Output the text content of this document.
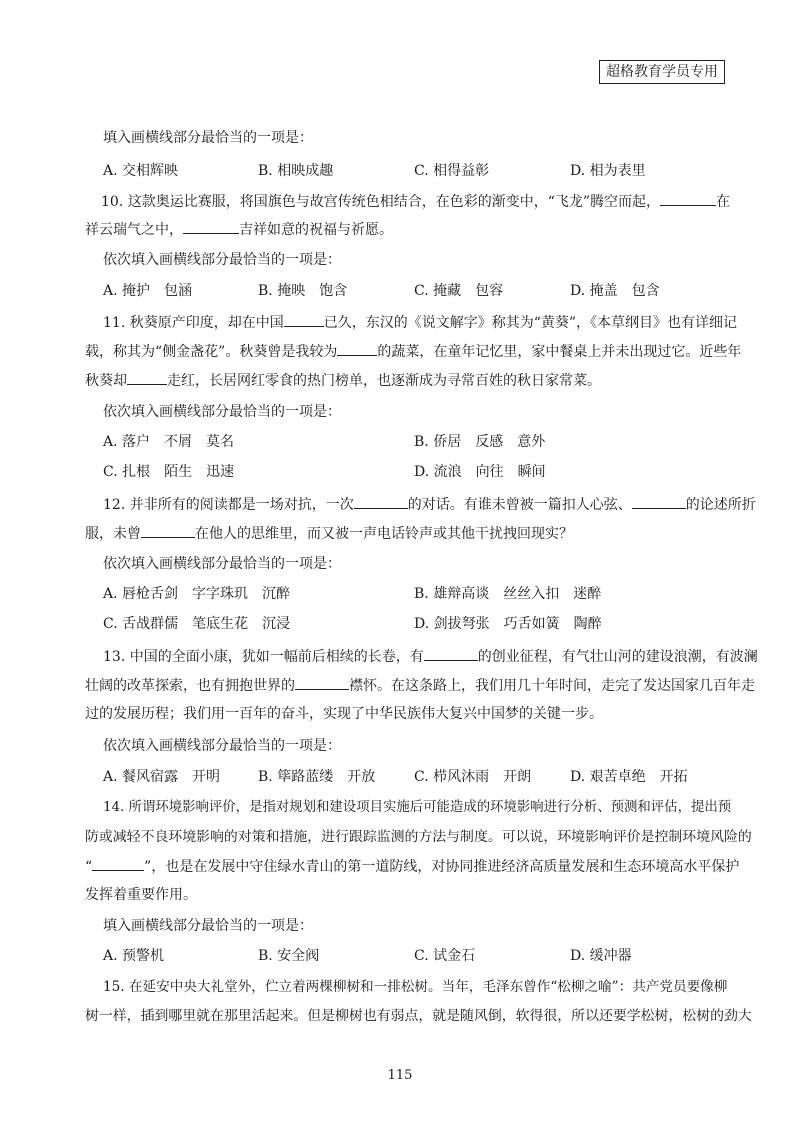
超格教育学员专用
填入画横线部分最恰当的一项是：
A. 交相辉映	B. 相映成趣	C. 相得益彰	D. 相为表里
10. 这款奥运比赛服，将国旗色与故宫传统色相结合，在色彩的渐变中，“飞龙”腾空而起，	在
祥云瑞气之中，	吉祥如意的祝福与祈愿。
依次填入画横线部分最恰当的一项是：
A. 掩护　包涵	B. 掩映　饱含	C. 掩藏　包容	D. 掩盖　包含
11. 秋葵原产印度，却在中国	已久，东汉的《说文解字》称其为“黄葵”，《本草纲目》也有详细记
载，称其为“侧金盏花”。秋葵曾是我较为	的蔬菜，在童年记忆里，家中餐桌上并未出现过它。近些年
秋葵却	走红，长居网红零食的热门榜单，也逐渐成为寻常百姓的秋日家常菜。
依次填入画横线部分最恰当的一项是：
A. 落户　不屑　莫名	B. 侨居　反感　意外
C. 扎根　陌生　迅速	D. 流浪　向往　瞬间
12. 并非所有的阅读都是一场对抗，一次	的对话。有谁未曾被一篇扣人心弦、	的论述所折
服，未曾	在他人的思维里，而又被一声电话铃声或其他干扰拽回现实？
依次填入画横线部分最恰当的一项是：
A. 唇枪舌剑　字字珠玑　沉醉	B. 雄辩高谈　丝丝入扣　迷醉
C. 舌战群儒　笔底生花　沉浸	D. 剑拔弩张　巧舌如簧　陶醉
13. 中国的全面小康，犹如一幅前后相续的长卷，有	的创业征程，有气壮山河的建设浪潮，有波澜
壮阔的改革探索，也有拥抱世界的	襟怀。在这条路上，我们用几十年时间，走完了发达国家几百年走
过的发展历程；我们用一百年的奋斗，实现了中华民族伟大复兴中国梦的关键一步。
依次填入画横线部分最恰当的一项是：
A. 餐风宿露　开明	B. 筚路蓝缕　开放	C. 栉风沐雨　开朗	D. 艰苦卓绝　开拓
14. 所谓环境影响评价，是指对规划和建设项目实施后可能造成的环境影响进行分析、预测和评估，提出预
防或减轻不良环境影响的对策和措施，进行跟踪监测的方法与制度。可以说，环境影响评价是控制环境风险的
“	”，也是在发展中守住绿水青山的第一道防线，对协同推进经济高质量发展和生态环境高水平保护
发挥着重要作用。
填入画横线部分最恰当的一项是：
A. 预警机	B. 安全阀	C. 试金石	D. 缓冲器
15. 在延安中央大礼堂外，伫立着两棵柳树和一排松树。当年，毛泽东曾作“松柳之喻”：共产党员要像柳
树一样，插到哪里就在那里活起来。但是柳树也有弱点，就是随风倒，软得很，所以还要学松树，松树的劲大
115
